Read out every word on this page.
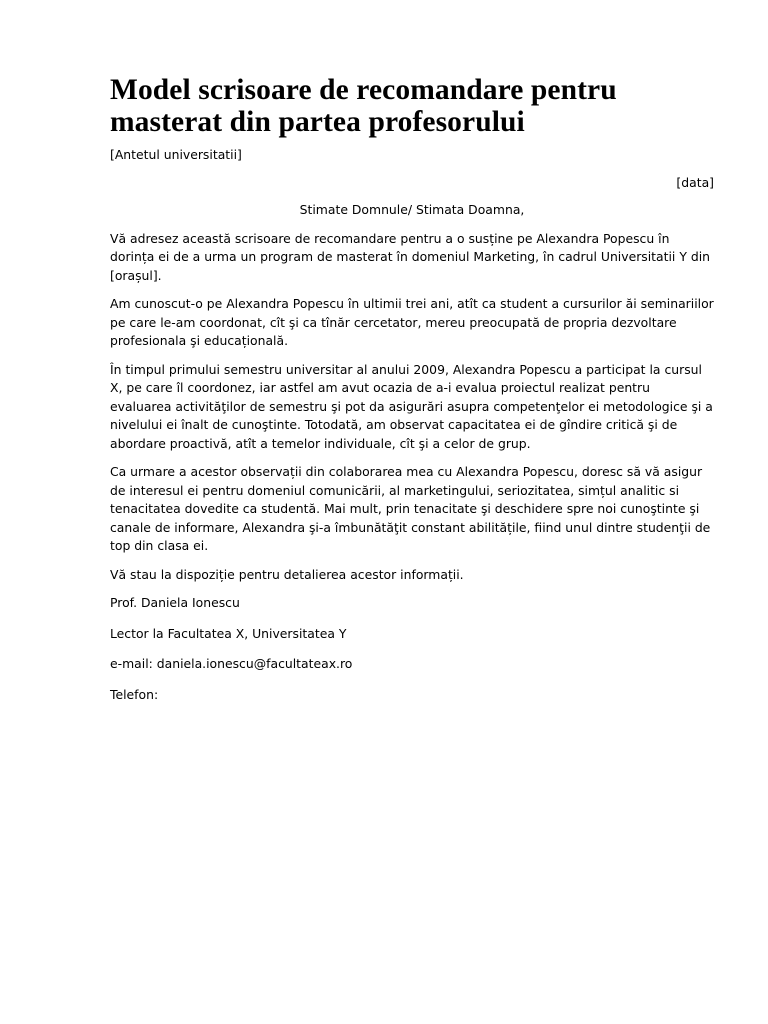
Model scrisoare de recomandare pentru masterat din partea profesorului

[Antetul universitatii]

[data]

Stimate Domnule/ Stimata Doamna,

Vă adresez această scrisoare de recomandare pentru a o susține pe Alexandra Popescu în dorința ei de a urma un program de masterat în domeniul Marketing, în cadrul Universitatii Y din [orașul].

Am cunoscut-o pe Alexandra Popescu în ultimii trei ani, atît ca student a cursurilor ăi seminariilor pe care le-am coordonat, cît şi ca tînăr cercetator, mereu preocupată de propria dezvoltare profesionala şi educațională.

În timpul primului semestru universitar al anului 2009, Alexandra Popescu a participat la cursul X, pe care îl coordonez, iar astfel am avut ocazia de a-i evalua proiectul realizat pentru evaluarea activităţilor de semestru şi pot da asigurări asupra competenţelor ei metodologice şi a nivelului ei înalt de cunoştinte. Totodată, am observat capacitatea ei de gîndire critică şi de abordare proactivă, atît a temelor individuale, cît şi a celor de grup.

Ca urmare a acestor observații din colaborarea mea cu Alexandra Popescu, doresc să vă asigur de interesul ei pentru domeniul comunicării, al marketingului, seriozitatea, simțul analitic si tenacitatea dovedite ca studentă. Mai mult, prin tenacitate şi deschidere spre noi cunoştinte şi canale de informare, Alexandra şi-a îmbunătăţit constant abilitățile, fiind unul dintre studenţii de top din clasa ei.

Vă stau la dispoziție pentru detalierea acestor informații.

Prof. Daniela Ionescu

Lector la Facultatea X, Universitatea Y

e-mail: daniela.ionescu@facultateax.ro

Telefon:
